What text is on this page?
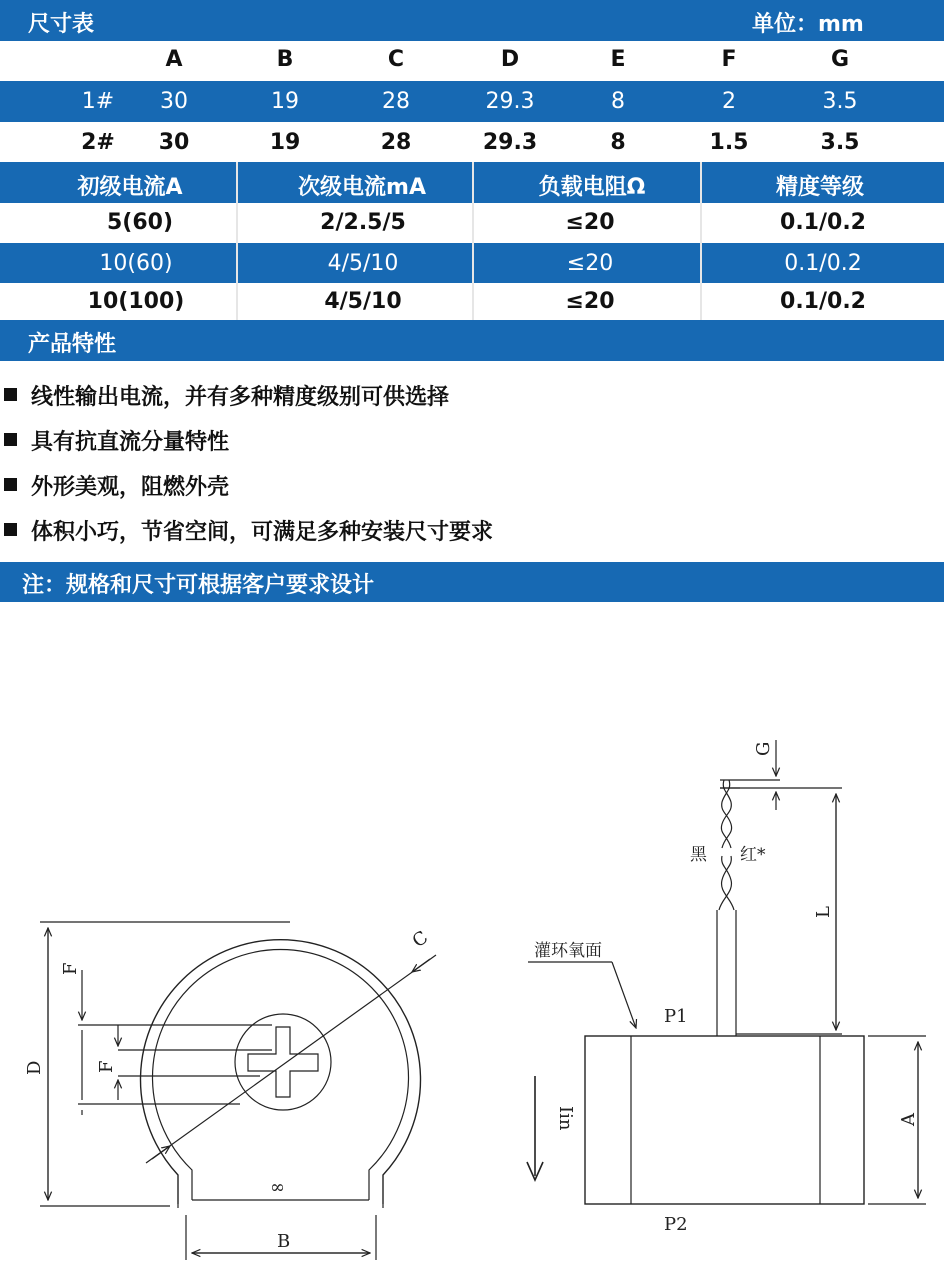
尺寸表	单位：mm
A	B	C	D	E	F	G
1# 30	19	28	29.3	8	2	3.5
2# 30	19	28	29.3	8	1.5	3.5
初级电流A	次级电流mA	负载电阻Ω	精度等级
5(60)	2/2.5/5	≤20	0.1/0.2
10(60)	4/5/10	≤20	0.1/0.2
10(100)	4/5/10	≤20	0.1/0.2
产品特性
线性输出电流，并有多种精度级别可供选择
具有抗直流分量特性
外形美观，阻燃外壳
体积小巧，节省空间，可满足多种安装尺寸要求
注：规格和尺寸可根据客户要求设计
C
D
F
F
∞
B
G
L
A
P1
P2
黑 红*
灌环氧面
Iin
